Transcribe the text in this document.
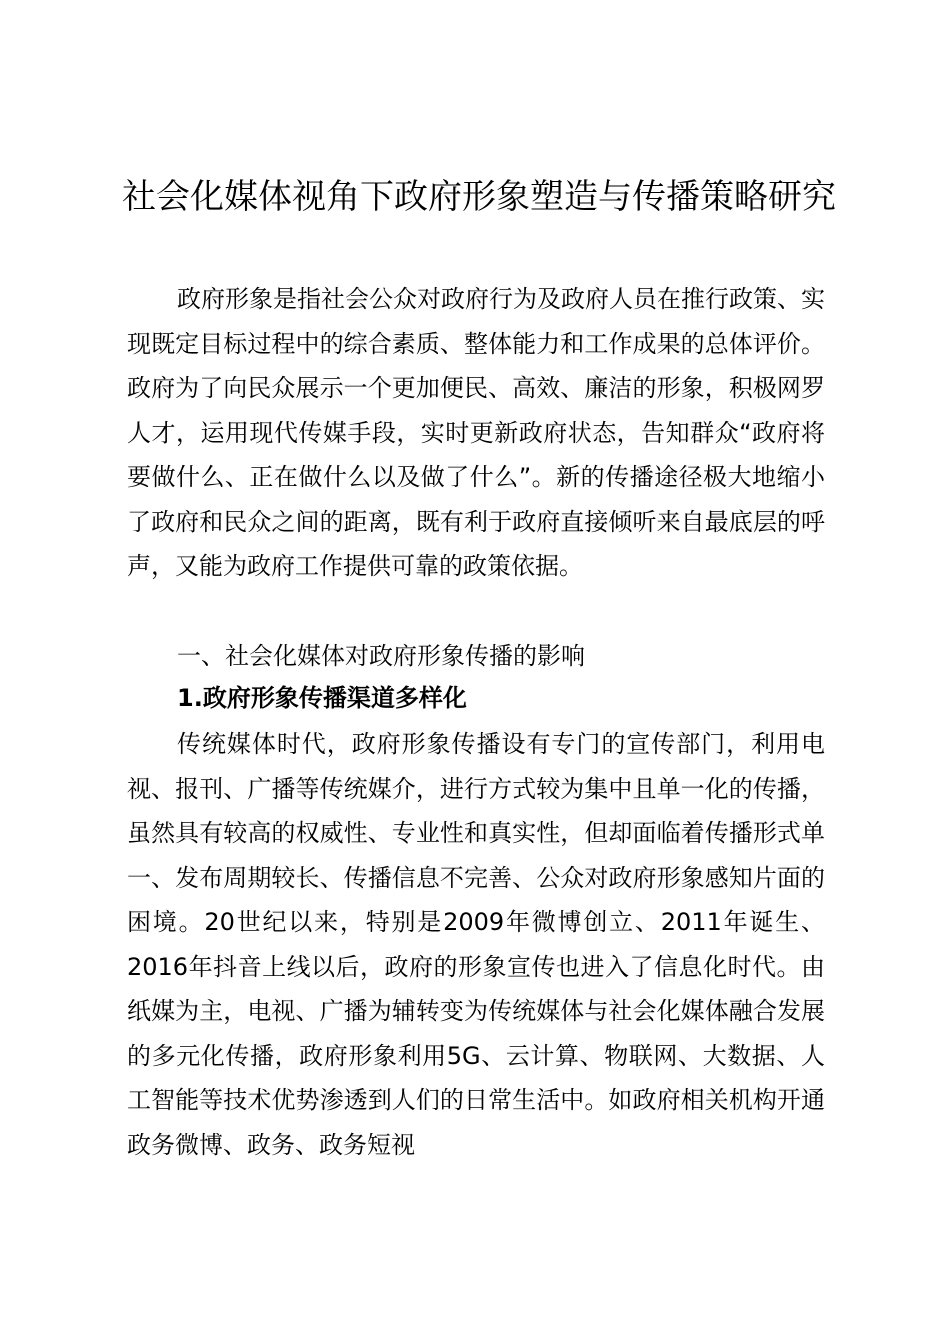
社会化媒体视角下政府形象塑造与传播策略研究

政府形象是指社会公众对政府行为及政府人员在推行政策、实现既定目标过程中的综合素质、整体能力和工作成果的总体评价。政府为了向民众展示一个更加便民、高效、廉洁的形象，积极网罗人才，运用现代传媒手段，实时更新政府状态，告知群众“政府将要做什么、正在做什么以及做了什么”。新的传播途径极大地缩小了政府和民众之间的距离，既有利于政府直接倾听来自最底层的呼声，又能为政府工作提供可靠的政策依据。

一、社会化媒体对政府形象传播的影响

1.政府形象传播渠道多样化

传统媒体时代，政府形象传播设有专门的宣传部门，利用电视、报刊、广播等传统媒介，进行方式较为集中且单一化的传播，虽然具有较高的权威性、专业性和真实性，但却面临着传播形式单一、发布周期较长、传播信息不完善、公众对政府形象感知片面的困境。20世纪以来，特别是2009年微博创立、2011年诞生、2016年抖音上线以后，政府的形象宣传也进入了信息化时代。由纸媒为主，电视、广播为辅转变为传统媒体与社会化媒体融合发展的多元化传播，政府形象利用5G、云计算、物联网、大数据、人工智能等技术优势渗透到人们的日常生活中。如政府相关机构开通政务微博、政务、政务短视
